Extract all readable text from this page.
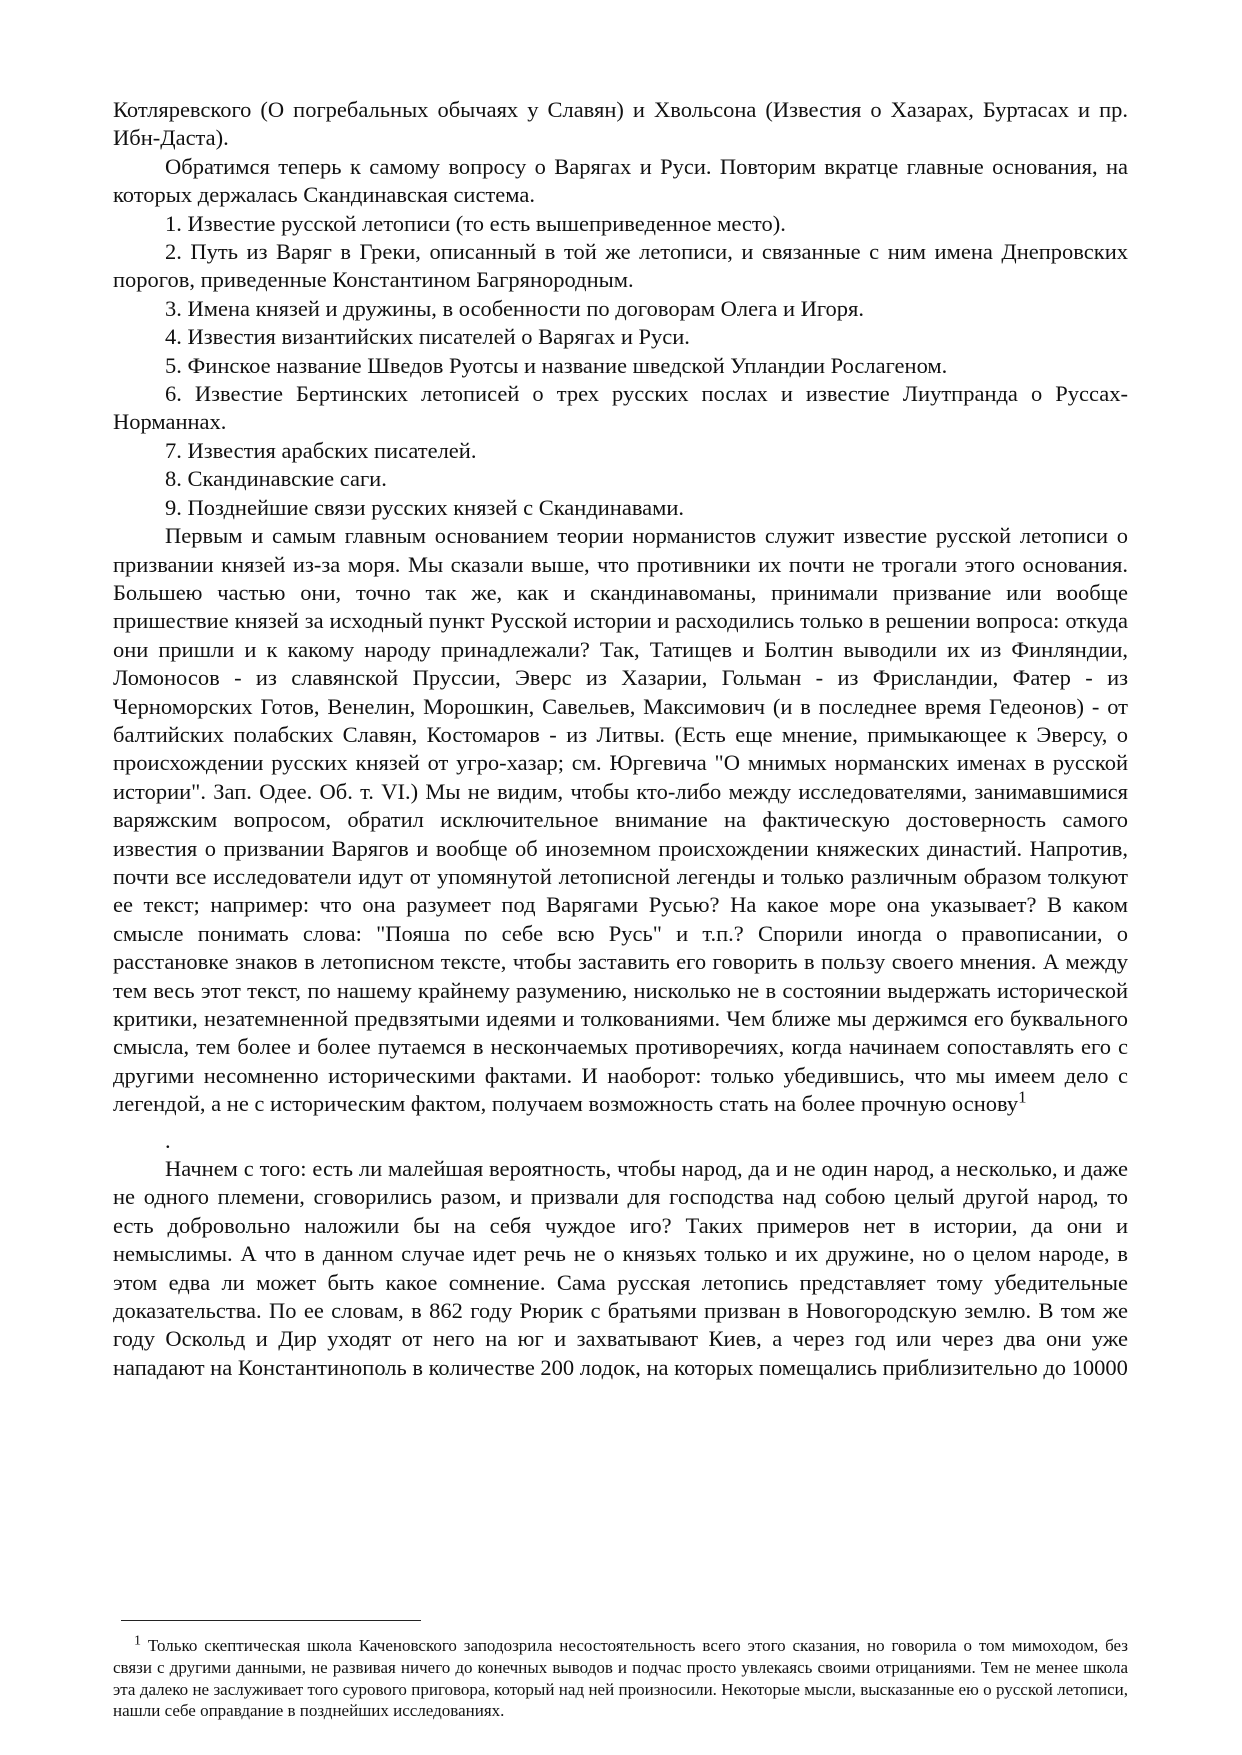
Котляревского (О погребальных обычаях у Славян) и Хвольсона (Известия о Хазарах, Буртасах и пр. Ибн-Даста).

Обратимся теперь к самому вопросу о Варягах и Руси. Повторим вкратце главные основания, на которых держалась Скандинавская система.

1. Известие русской летописи (то есть вышеприведенное место).

2. Путь из Варяг в Греки, описанный в той же летописи, и связанные с ним имена Днепровских порогов, приведенные Константином Багрянородным.

3. Имена князей и дружины, в особенности по договорам Олега и Игоря.

4. Известия византийских писателей о Варягах и Руси.

5. Финское название Шведов Руотсы и название шведской Упландии Рослагеном.

6. Известие Бертинских летописей о трех русских послах и известие Лиутпранда о Руссах-Норманнах.

7. Известия арабских писателей.

8. Скандинавские саги.

9. Позднейшие связи русских князей с Скандинавами.

Первым и самым главным основанием теории норманистов служит известие русской летописи о призвании князей из-за моря. Мы сказали выше, что противники их почти не трогали этого основания. Большею частью они, точно так же, как и скандинавоманы, принимали призвание или вообще пришествие князей за исходный пункт Русской истории и расходились только в решении вопроса: откуда они пришли и к какому народу принадлежали? Так, Татищев и Болтин выводили их из Финляндии, Ломоносов - из славянской Пруссии, Эверс из Хазарии, Гольман - из Фрисландии, Фатер - из Черноморских Готов, Венелин, Морошкин, Савельев, Максимович (и в последнее время Гедеонов) - от балтийских полабских Славян, Костомаров - из Литвы. (Есть еще мнение, примыкающее к Эверсу, о происхождении русских князей от угро-хазар; см. Юргевича "О мнимых норманских именах в русской истории". Зап. Одее. Об. т. VI.) Мы не видим, чтобы кто-либо между исследователями, занимавшимися варяжским вопросом, обратил исключительное внимание на фактическую достоверность самого известия о призвании Варягов и вообще об иноземном происхождении княжеских династий. Напротив, почти все исследователи идут от упомянутой летописной легенды и только различным образом толкуют ее текст; например: что она разумеет под Варягами Русью? На какое море она указывает? В каком смысле понимать слова: "Пояша по себе всю Русь" и т.п.? Спорили иногда о правописании, о расстановке знаков в летописном тексте, чтобы заставить его говорить в пользу своего мнения. А между тем весь этот текст, по нашему крайнему разумению, нисколько не в состоянии выдержать исторической критики, незатемненной предвзятыми идеями и толкованиями. Чем ближе мы держимся его буквального смысла, тем более и более путаемся в нескончаемых противоречиях, когда начинаем сопоставлять его с другими несомненно историческими фактами. И наоборот: только убедившись, что мы имеем дело с легендой, а не с историческим фактом, получаем возможность стать на более прочную основу$^1$

.

Начнем с того: есть ли малейшая вероятность, чтобы народ, да и не один народ, а несколько, и даже не одного племени, сговорились разом, и призвали для господства над собою целый другой народ, то есть добровольно наложили бы на себя чуждое иго? Таких примеров нет в истории, да они и немыслимы. А что в данном случае идет речь не о князьях только и их дружине, но о целом народе, в этом едва ли может быть какое сомнение. Сама русская летопись представляет тому убедительные доказательства. По ее словам, в 862 году Рюрик с братьями призван в Новогородскую землю. В том же году Оскольд и Дир уходят от него на юг и захватывают Киев, а через год или через два они уже нападают на Константинополь в количестве 200 лодок, на которых помещались приблизительно до 10000

$^1$ Только скептическая школа Каченовского заподозрила несостоятельность всего этого сказания, но говорила о том мимоходом, без связи с другими данными, не развивая ничего до конечных выводов и подчас просто увлекаясь своими отрицаниями. Тем не менее школа эта далеко не заслуживает того сурового приговора, который над ней произносили. Некоторые мысли, высказанные ею о русской летописи, нашли себе оправдание в позднейших исследованиях.
